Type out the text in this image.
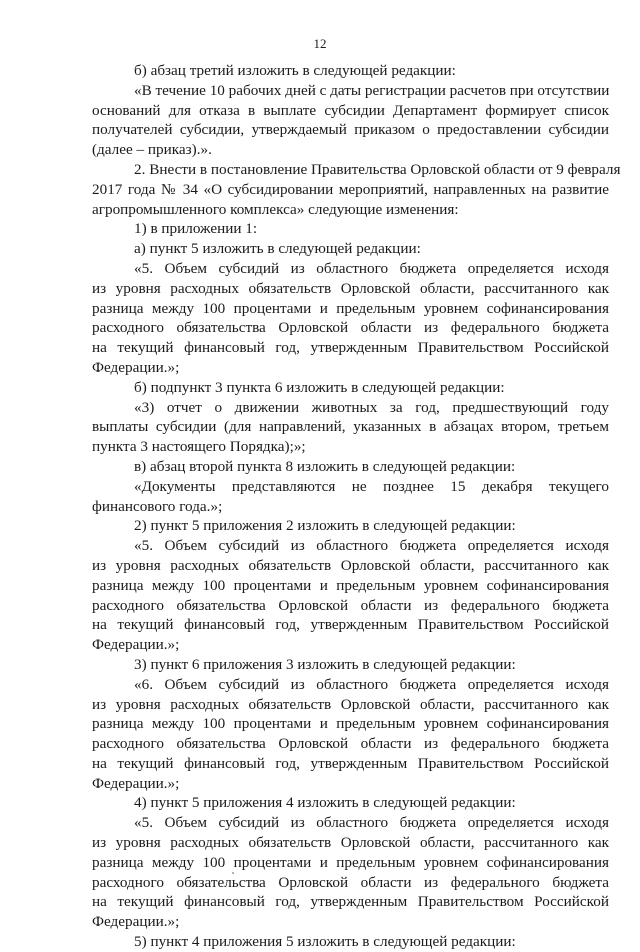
12
б) абзац третий изложить в следующей редакции:
«В течение 10 рабочих дней с даты регистрации расчетов при отсутствии
оснований для отказа в выплате субсидии Департамент формирует список
получателей субсидии, утверждаемый приказом о предоставлении субсидии
(далее – приказ).».
2. Внести в постановление Правительства Орловской области от 9 февраля
2017 года № 34 «О субсидировании мероприятий, направленных на развитие
агропромышленного комплекса» следующие изменения:
1) в приложении 1:
а) пункт 5 изложить в следующей редакции:
«5. Объем субсидий из областного бюджета определяется исходя
из уровня расходных обязательств Орловской области, рассчитанного как
разница между 100 процентами и предельным уровнем софинансирования
расходного обязательства Орловской области из федерального бюджета
на текущий финансовый год, утвержденным Правительством Российской
Федерации.»;
б) подпункт 3 пункта 6 изложить в следующей редакции:
«3) отчет о движении животных за год, предшествующий году
выплаты субсидии (для направлений, указанных в абзацах втором, третьем
пункта 3 настоящего Порядка);»;
в) абзац второй пункта 8 изложить в следующей редакции:
«Документы представляются не позднее 15 декабря текущего
финансового года.»;
2) пункт 5 приложения 2 изложить в следующей редакции:
«5. Объем субсидий из областного бюджета определяется исходя
из уровня расходных обязательств Орловской области, рассчитанного как
разница между 100 процентами и предельным уровнем софинансирования
расходного обязательства Орловской области из федерального бюджета
на текущий финансовый год, утвержденным Правительством Российской
Федерации.»;
3) пункт 6 приложения 3 изложить в следующей редакции:
«6. Объем субсидий из областного бюджета определяется исходя
из уровня расходных обязательств Орловской области, рассчитанного как
разница между 100 процентами и предельным уровнем софинансирования
расходного обязательства Орловской области из федерального бюджета
на текущий финансовый год, утвержденным Правительством Российской
Федерации.»;
4) пункт 5 приложения 4 изложить в следующей редакции:
«5. Объем субсидий из областного бюджета определяется исходя
из уровня расходных обязательств Орловской области, рассчитанного как
разница между 100 процентами и предельным уровнем софинансирования
расходного обязательства Орловской области из федерального бюджета
на текущий финансовый год, утвержденным Правительством Российской
Федерации.»;
5) пункт 4 приложения 5 изложить в следующей редакции:
